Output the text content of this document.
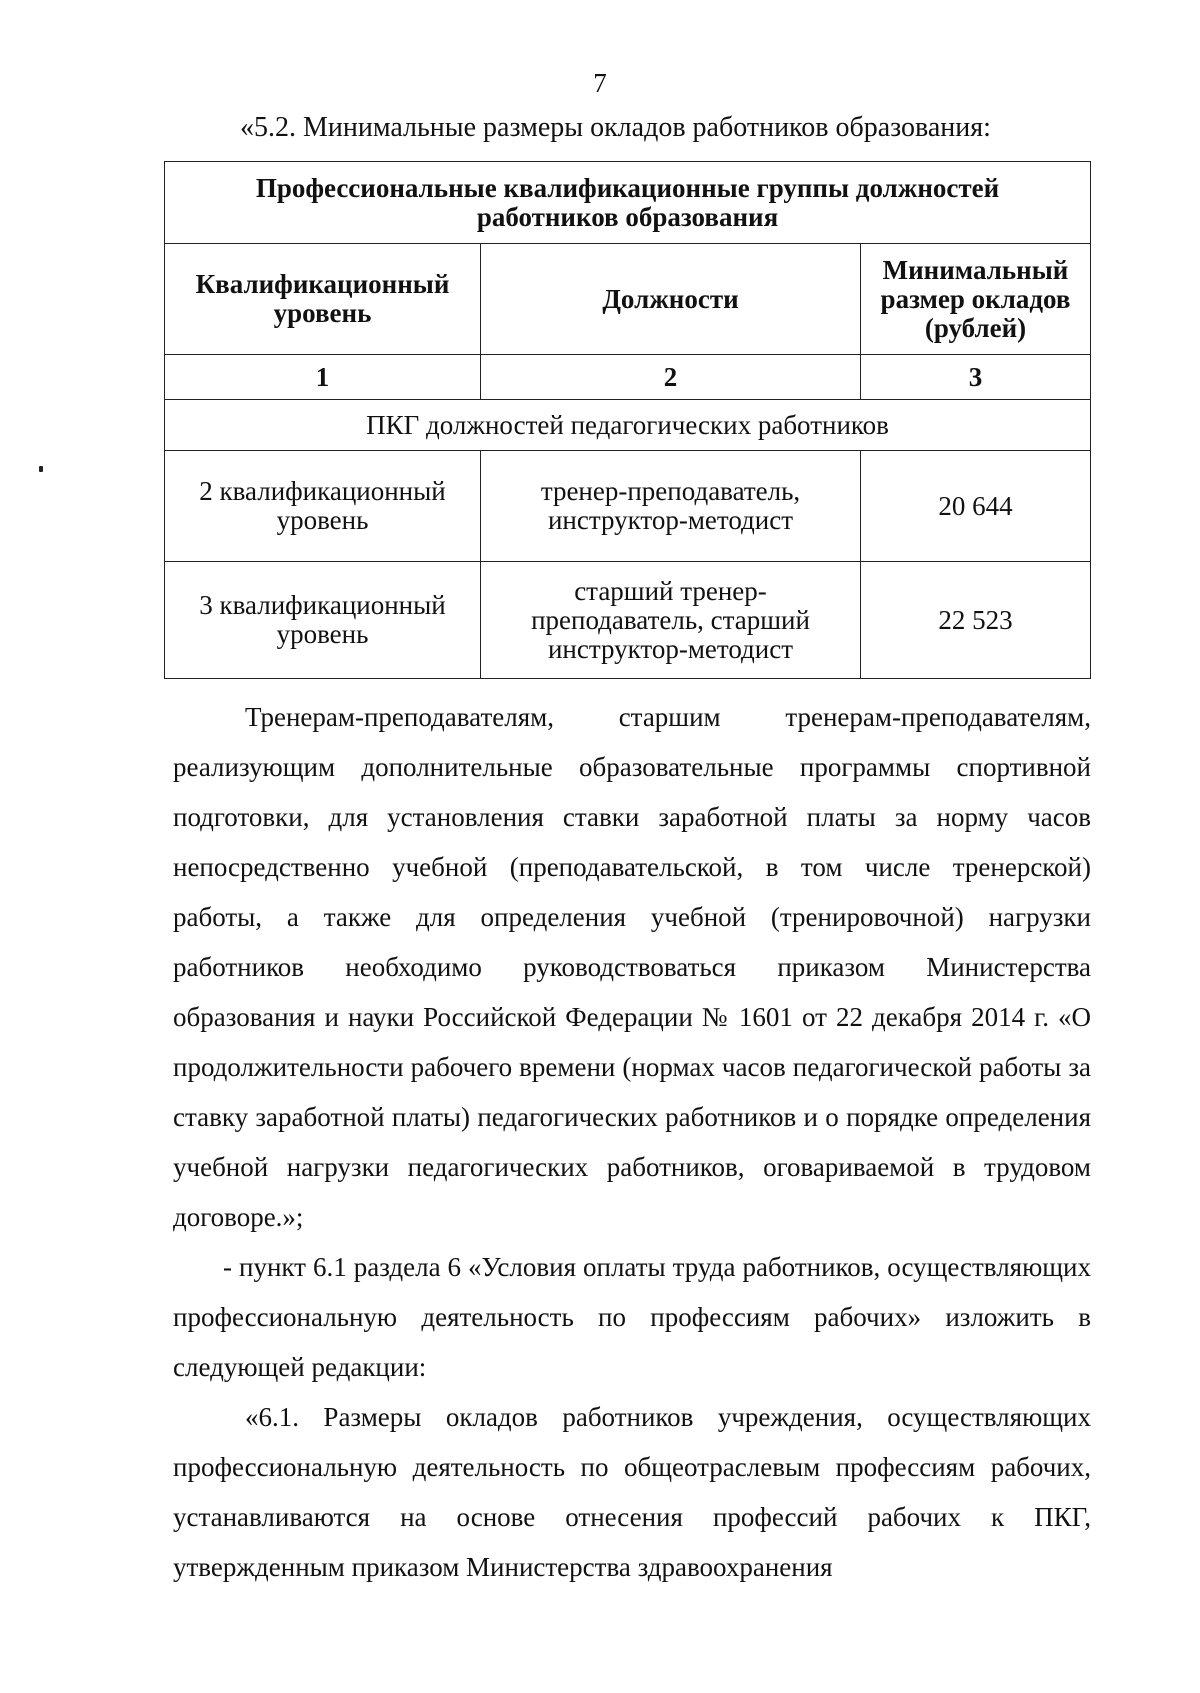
7
«5.2. Минимальные размеры окладов работников образования:
Профессиональные квалификационные группы должностей работников образования		
Квалификационный уровень	Должности	Минимальный размер окладов (рублей)
1	2	3
ПКГ должностей педагогических работников		
2 квалификационный уровень	тренер-преподаватель, инструктор-методист	20 644
3 квалификационный уровень	старший тренер-преподаватель, старший инструктор-методист	22 523

Тренерам-преподавателям, старшим тренерам-преподавателям, реализующим дополнительные образовательные программы спортивной подготовки, для установления ставки заработной платы за норму часов непосредственно учебной (преподавательской, в том числе тренерской) работы, а также для определения учебной (тренировочной) нагрузки работников необходимо руководствоваться приказом Министерства образования и науки Российской Федерации № 1601 от 22 декабря 2014 г. «О продолжительности рабочего времени (нормах часов педагогической работы за ставку заработной платы) педагогических работников и о порядке определения учебной нагрузки педагогических работников, оговариваемой в трудовом договоре.»;

- пункт 6.1 раздела 6 «Условия оплаты труда работников, осуществляющих профессиональную деятельность по профессиям рабочих» изложить в следующей редакции:

«6.1. Размеры окладов работников учреждения, осуществляющих профессиональную деятельность по общеотраслевым профессиям рабочих, устанавливаются на основе отнесения профессий рабочих к ПКГ, утвержденным приказом Министерства здравоохранения
